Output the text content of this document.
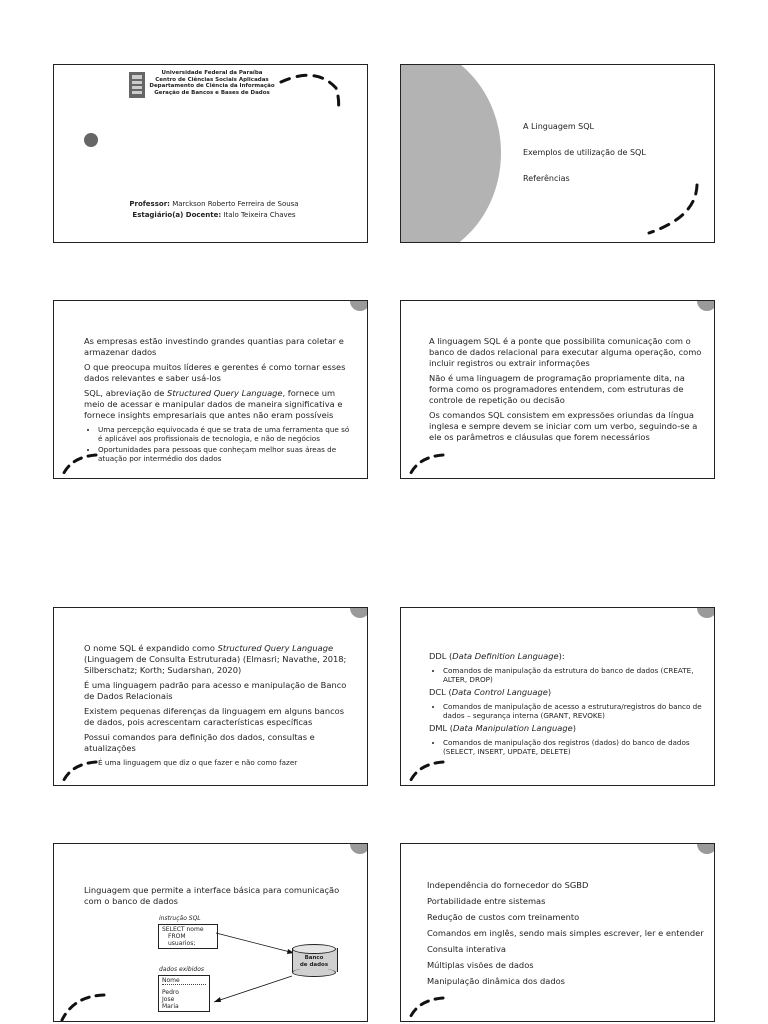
Universidade Federal da Paraíba
Centro de Ciências Sociais Aplicadas
Departamento de Ciência da Informação
Geração de Bancos e Bases de Dados
Professor: Marckson Roberto Ferreira de Sousa
Estagiário(a) Docente: Italo Teixeira Chaves

A Linguagem SQL

Exemplos de utilização de SQL

Referências

As empresas estão investindo grandes quantias para coletar e armazenar dados

O que preocupa muitos líderes e gerentes é como tornar esses dados relevantes e saber usá-los

SQL, abreviação de Structured Query Language, fornece um meio de acessar e manipular dados de maneira significativa e fornece insights empresariais que antes não eram possíveis

• Uma percepção equivocada é que se trata de uma ferramenta que só é aplicável aos profissionais de tecnologia, e não de negócios
• Oportunidades para pessoas que conheçam melhor suas áreas de atuação por intermédio dos dados

A linguagem SQL é a ponte que possibilita comunicação com o banco de dados relacional para executar alguma operação, como incluir registros ou extrair informações

Não é uma linguagem de programação propriamente dita, na forma como os programadores entendem, com estruturas de controle de repetição ou decisão

Os comandos SQL consistem em expressões oriundas da língua inglesa e sempre devem se iniciar com um verbo, seguindo-se a ele os parâmetros e cláusulas que forem necessários

O nome SQL é expandido como Structured Query Language (Linguagem de Consulta Estruturada) (Elmasri; Navathe, 2018; Silberschatz; Korth; Sudarshan, 2020)

É uma linguagem padrão para acesso e manipulação de Banco de Dados Relacionais

Existem pequenas diferenças da linguagem em alguns bancos de dados, pois acrescentam características específicas

Possui comandos para definição dos dados, consultas e atualizações

• É uma linguagem que diz o que fazer e não como fazer

DDL (Data Definition Language):

• Comandos de manipulação da estrutura do banco de dados (CREATE, ALTER, DROP)

DCL (Data Control Language)

• Comandos de manipulação de acesso a estrutura/registros do banco de dados – segurança interna (GRANT, REVOKE)

DML (Data Manipulation Language)

• Comandos de manipulação dos registros (dados) do banco de dados (SELECT, INSERT, UPDATE, DELETE)

Linguagem que permite a interface básica para comunicação com o banco de dados

instrução SQL
SELECT nome
FROM usuarios;
Banco
de dados
dados exibidos
Nome
Pedro
Jose
Maria

Independência do fornecedor do SGBD

Portabilidade entre sistemas

Redução de custos com treinamento

Comandos em inglês, sendo mais simples escrever, ler e entender

Consulta interativa

Múltiplas visões de dados

Manipulação dinâmica dos dados
